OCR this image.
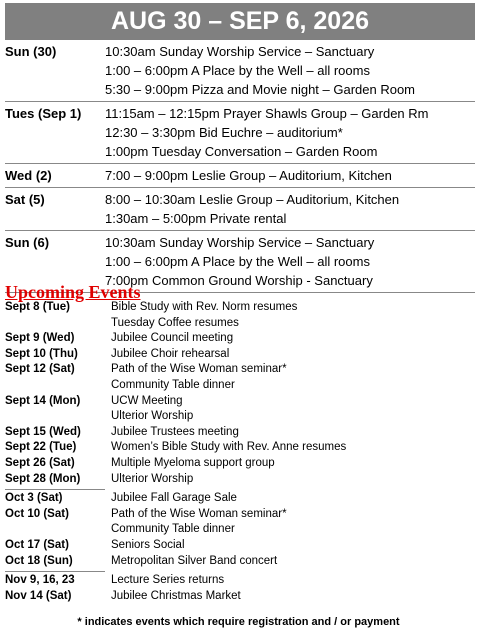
AUG 30 – SEP 6, 2026
Sun (30)	10:30am Sunday Worship Service – Sanctuary
1:00 – 6:00pm A Place by the Well – all rooms
5:30 – 9:00pm Pizza and Movie night – Garden Room
Tues (Sep 1)	11:15am – 12:15pm Prayer Shawls Group – Garden Rm
12:30 – 3:30pm Bid Euchre – auditorium*
1:00pm Tuesday Conversation – Garden Room
Wed (2)	7:00 – 9:00pm Leslie Group – Auditorium, Kitchen
Sat (5)	8:00 – 10:30am Leslie Group – Auditorium, Kitchen
1:30am – 5:00pm Private rental
Sun (6)	10:30am Sunday Worship Service – Sanctuary
1:00 – 6:00pm A Place by the Well – all rooms
7:00pm Common Ground Worship - Sanctuary
Upcoming Events
Sept 8 (Tue)	Bible Study with Rev. Norm resumes
Tuesday Coffee resumes
Sept 9 (Wed)	Jubilee Council meeting
Sept 10 (Thu)	Jubilee Choir rehearsal
Sept 12 (Sat)	Path of the Wise Woman seminar*
Community Table dinner
Sept 14 (Mon)	UCW Meeting
Ulterior Worship
Sept 15 (Wed)	Jubilee Trustees meeting
Sept 22 (Tue)	Women’s Bible Study with Rev. Anne resumes
Sept 26 (Sat)	Multiple Myeloma support group
Sept 28 (Mon)	Ulterior Worship
Oct 3 (Sat)	Jubilee Fall Garage Sale
Oct 10 (Sat)	Path of the Wise Woman seminar*
Community Table dinner
Oct 17 (Sat)	Seniors Social
Oct 18 (Sun)	Metropolitan Silver Band concert
Nov 9, 16, 23	Lecture Series returns
Nov 14 (Sat)	Jubilee Christmas Market
* indicates events which require registration and / or payment
